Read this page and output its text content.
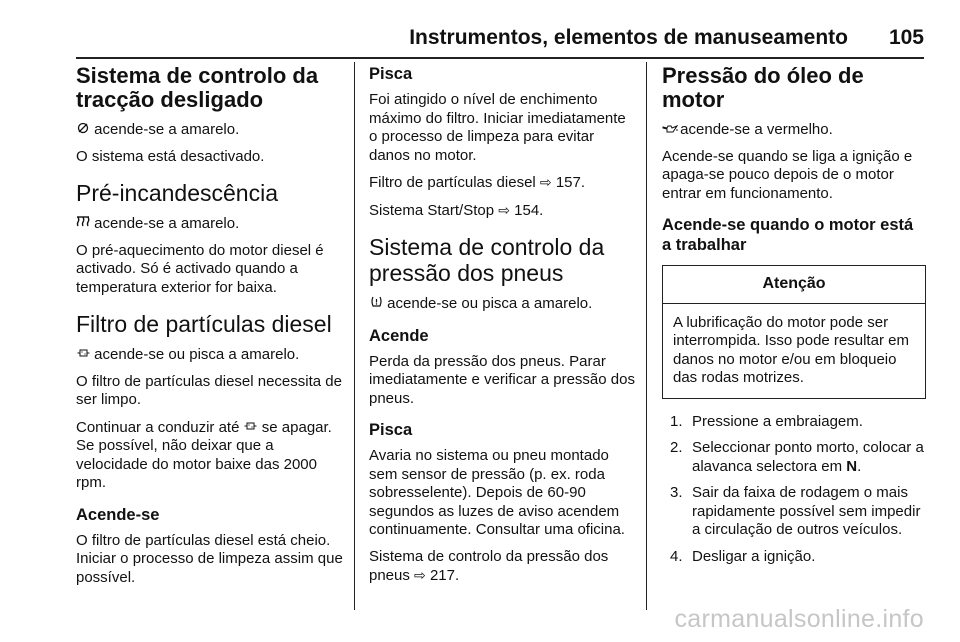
Instrumentos, elementos de manuseamento 105
Sistema de controlo da tracção desligado

acende-se a amarelo.

O sistema está desactivado.

Pré-incandescência

acende-se a amarelo.

O pré-aquecimento do motor diesel é activado. Só é activado quando a temperatura exterior for baixa.

Filtro de partículas diesel

acende-se ou pisca a amarelo.

O filtro de partículas diesel necessita de ser limpo.

Continuar a conduzir até se apagar. Se possível, não deixar que a velocidade do motor baixe das 2000 rpm.

Acende-se

O filtro de partículas diesel está cheio. Iniciar o processo de limpeza assim que possível.

Pisca

Foi atingido o nível de enchimento máximo do filtro. Iniciar imediatamente o processo de limpeza para evitar danos no motor.

Filtro de partículas diesel ⇨ 157.

Sistema Start/Stop ⇨ 154.

Sistema de controlo da pressão dos pneus

acende-se ou pisca a amarelo.

Acende

Perda da pressão dos pneus. Parar imediatamente e verificar a pressão dos pneus.

Pisca

Avaria no sistema ou pneu montado sem sensor de pressão (p. ex. roda sobresselente). Depois de 60-90 segundos as luzes de aviso acendem continuamente. Consultar uma oficina.

Sistema de controlo da pressão dos pneus ⇨ 217.

Pressão do óleo de motor

acende-se a vermelho.

Acende-se quando se liga a ignição e apaga-se pouco depois de o motor entrar em funcionamento.

Acende-se quando o motor está a trabalhar
Atenção
A lubrificação do motor pode ser interrompida. Isso pode resultar em danos no motor e/ou em bloqueio das rodas motrizes.
1. Pressione a embraiagem.
2. Seleccionar ponto morto, colocar a alavanca selectora em N.
3. Sair da faixa de rodagem o mais rapidamente possível sem impedir a circulação de outros veículos.
4. Desligar a ignição.
carmanualsonline.info
